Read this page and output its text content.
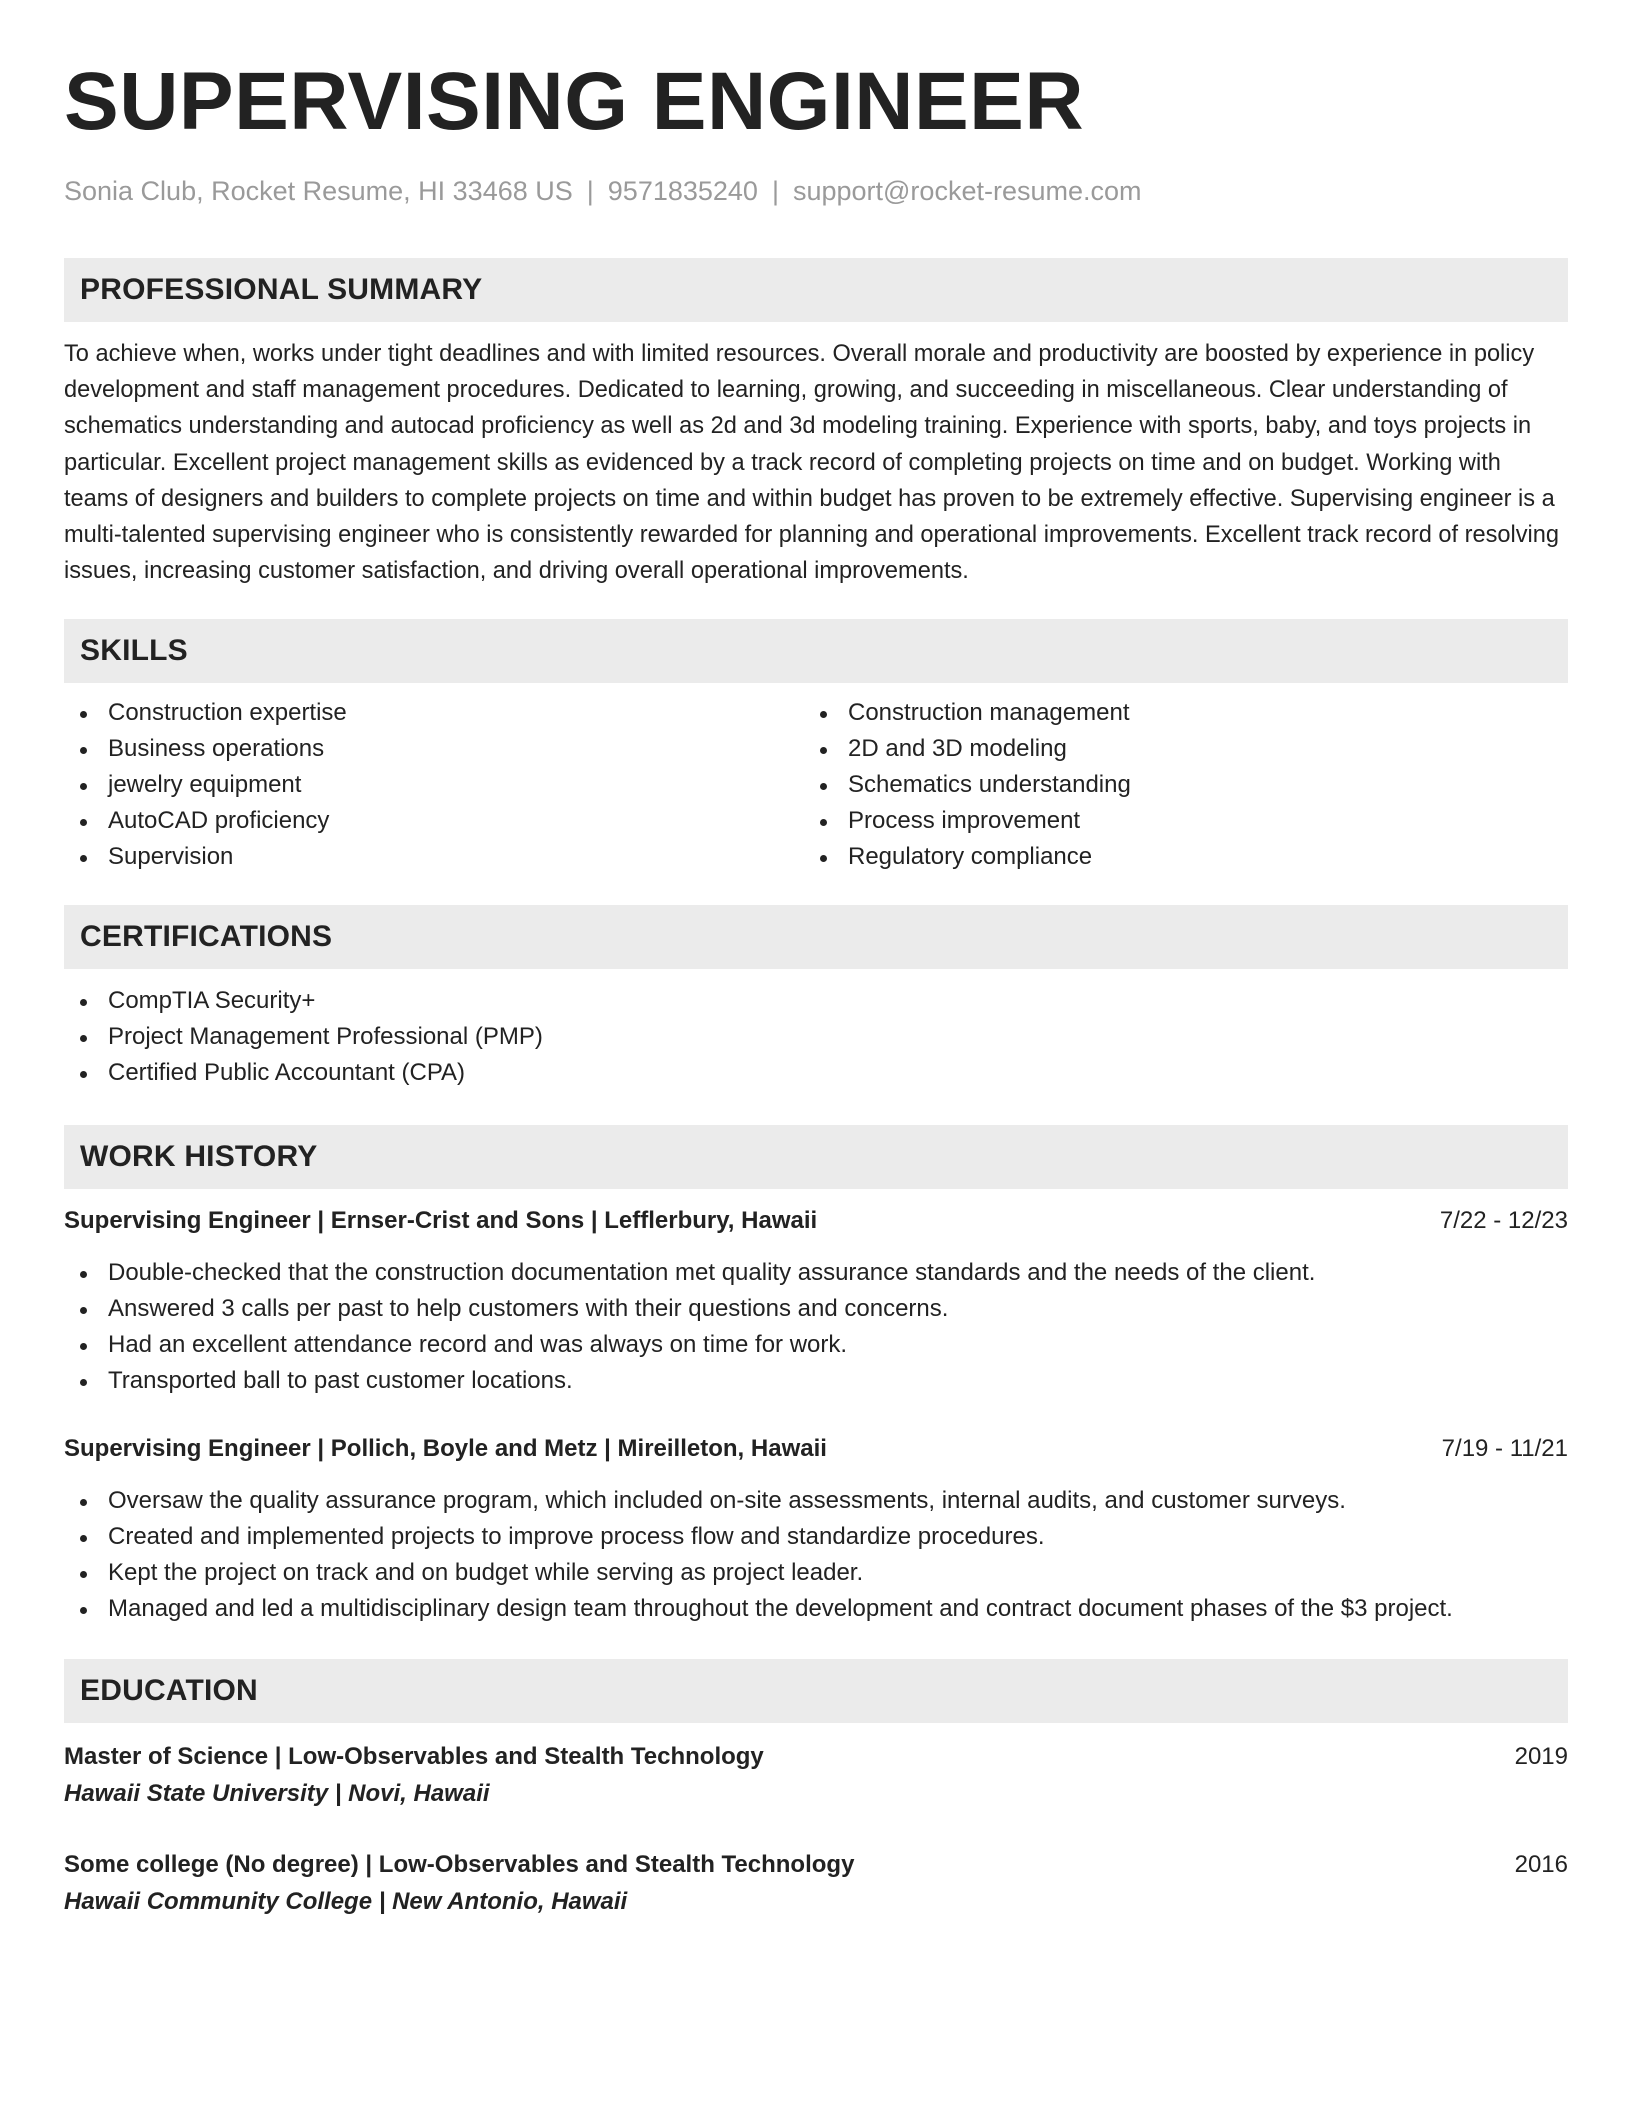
SUPERVISING ENGINEER
Sonia Club, Rocket Resume, HI 33468 US | 9571835240 | support@rocket-resume.com
PROFESSIONAL SUMMARY

To achieve when, works under tight deadlines and with limited resources. Overall morale and productivity are boosted by experience in policy development and staff management procedures. Dedicated to learning, growing, and succeeding in miscellaneous. Clear understanding of schematics understanding and autocad proficiency as well as 2d and 3d modeling training. Experience with sports, baby, and toys projects in particular. Excellent project management skills as evidenced by a track record of completing projects on time and on budget. Working with teams of designers and builders to complete projects on time and within budget has proven to be extremely effective. Supervising engineer is a multi-talented supervising engineer who is consistently rewarded for planning and operational improvements. Excellent track record of resolving issues, increasing customer satisfaction, and driving overall operational improvements.

SKILLS
Construction expertise
Business operations
jewelry equipment
AutoCAD proficiency
Supervision
Construction management
2D and 3D modeling
Schematics understanding
Process improvement
Regulatory compliance
CERTIFICATIONS
CompTIA Security+
Project Management Professional (PMP)
Certified Public Accountant (CPA)
WORK HISTORY
Supervising Engineer | Ernser-Crist and Sons | Lefflerbury, Hawaii	7/22 - 12/23
Double-checked that the construction documentation met quality assurance standards and the needs of the client.
Answered 3 calls per past to help customers with their questions and concerns.
Had an excellent attendance record and was always on time for work.
Transported ball to past customer locations.
Supervising Engineer | Pollich, Boyle and Metz | Mireilleton, Hawaii	7/19 - 11/21
Oversaw the quality assurance program, which included on-site assessments, internal audits, and customer surveys.
Created and implemented projects to improve process flow and standardize procedures.
Kept the project on track and on budget while serving as project leader.
Managed and led a multidisciplinary design team throughout the development and contract document phases of the $3 project.
EDUCATION
Master of Science | Low-Observables and Stealth Technology	2019
Hawaii State University | Novi, Hawaii
Some college (No degree) | Low-Observables and Stealth Technology	2016
Hawaii Community College | New Antonio, Hawaii
